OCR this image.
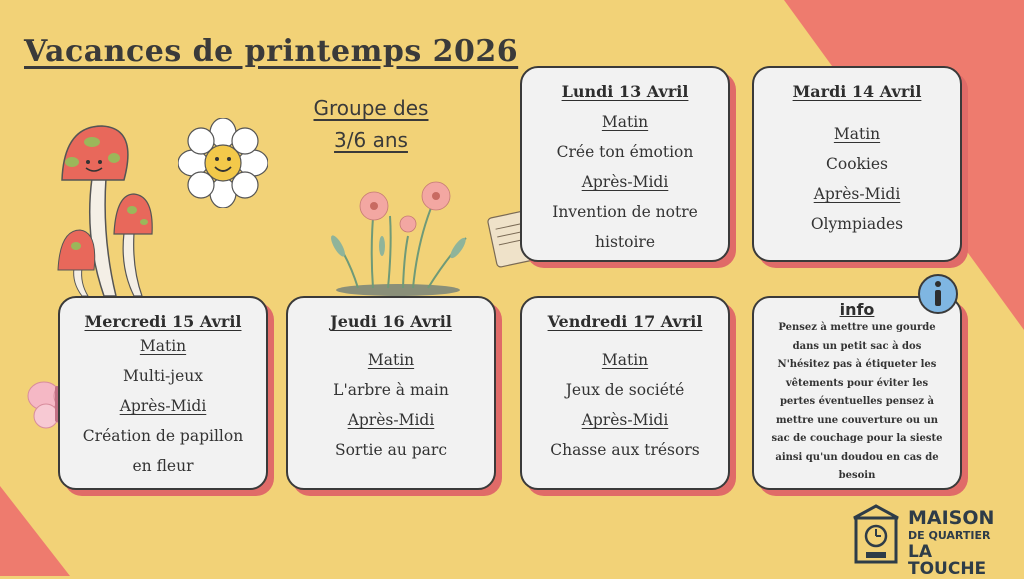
Vacances de printemps 2026
Groupe des
3/6 ans
Lundi 13 Avril
Matin
Crée ton émotion
Après-Midi
Invention de notre
histoire
Mardi 14 Avril
Matin
Cookies
Après-Midi
Olympiades
Mercredi 15 Avril
Matin
Multi-jeux
Après-Midi
Création de papillon
en fleur
Jeudi 16 Avril
Matin
L'arbre à main
Après-Midi
Sortie au parc
Vendredi 17 Avril
Matin
Jeux de société
Après-Midi
Chasse aux trésors
info
Pensez à mettre une gourde
dans un petit sac à dos
N'hésitez pas à étiqueter les
vêtements pour éviter les
pertes éventuelles pensez à
mettre une couverture ou un
sac de couchage pour la sieste
ainsi qu'un doudou en cas de
besoin
MAISON
DE QUARTIER
LA TOUCHE
